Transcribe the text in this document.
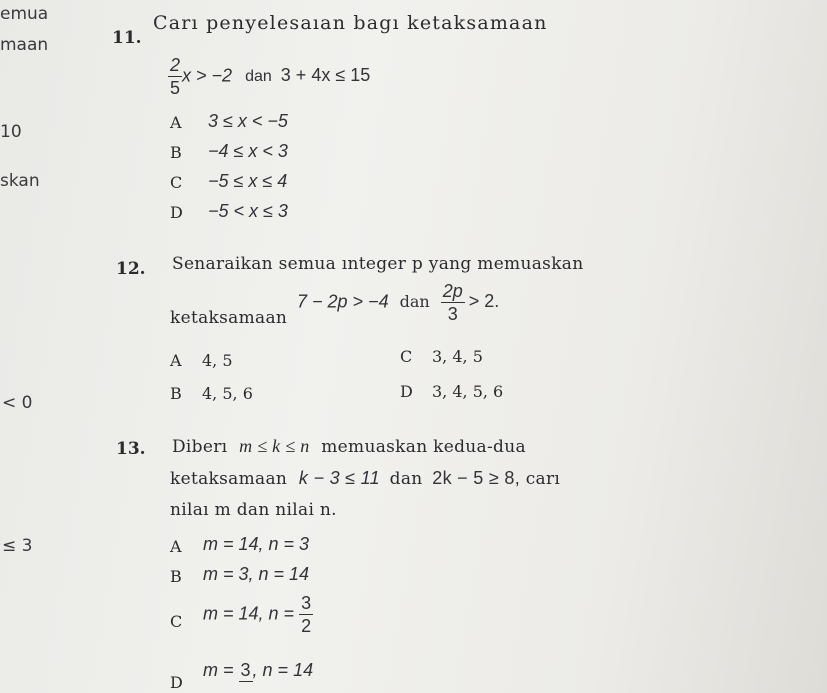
emua
maan
10
skan
< 0
≤ 3
11.
Carı penyelesaıan bagı ketaksamaan
$\frac{2}{5}$ x > −2 dan 3 + 4x ≤ 15
A 3 ≤ x < −5
B −4 ≤ x < 3
C −5 ≤ x ≤ 4
D −5 < x ≤ 3
12. Senaraikan semua ınteger p yang memuaskan
ketaksamaan
7 − 2p > −4 dan $\frac{2p}{3} > 2$.
A 4, 5	C 3, 4, 5
B 4, 5, 6	D 3, 4, 5, 6
13. Diberı m ≤ k ≤ n memuaskan kedua-dua
ketaksamaan k − 3 ≤ 11 dan 2k − 5 ≥ 8, carı
nilaı m dan nilai n.
A m = 14, n = 3
B m = 3, n = 14
C m = 14, $n = \frac{3}{2}$
D
m = 3 , n = 14
